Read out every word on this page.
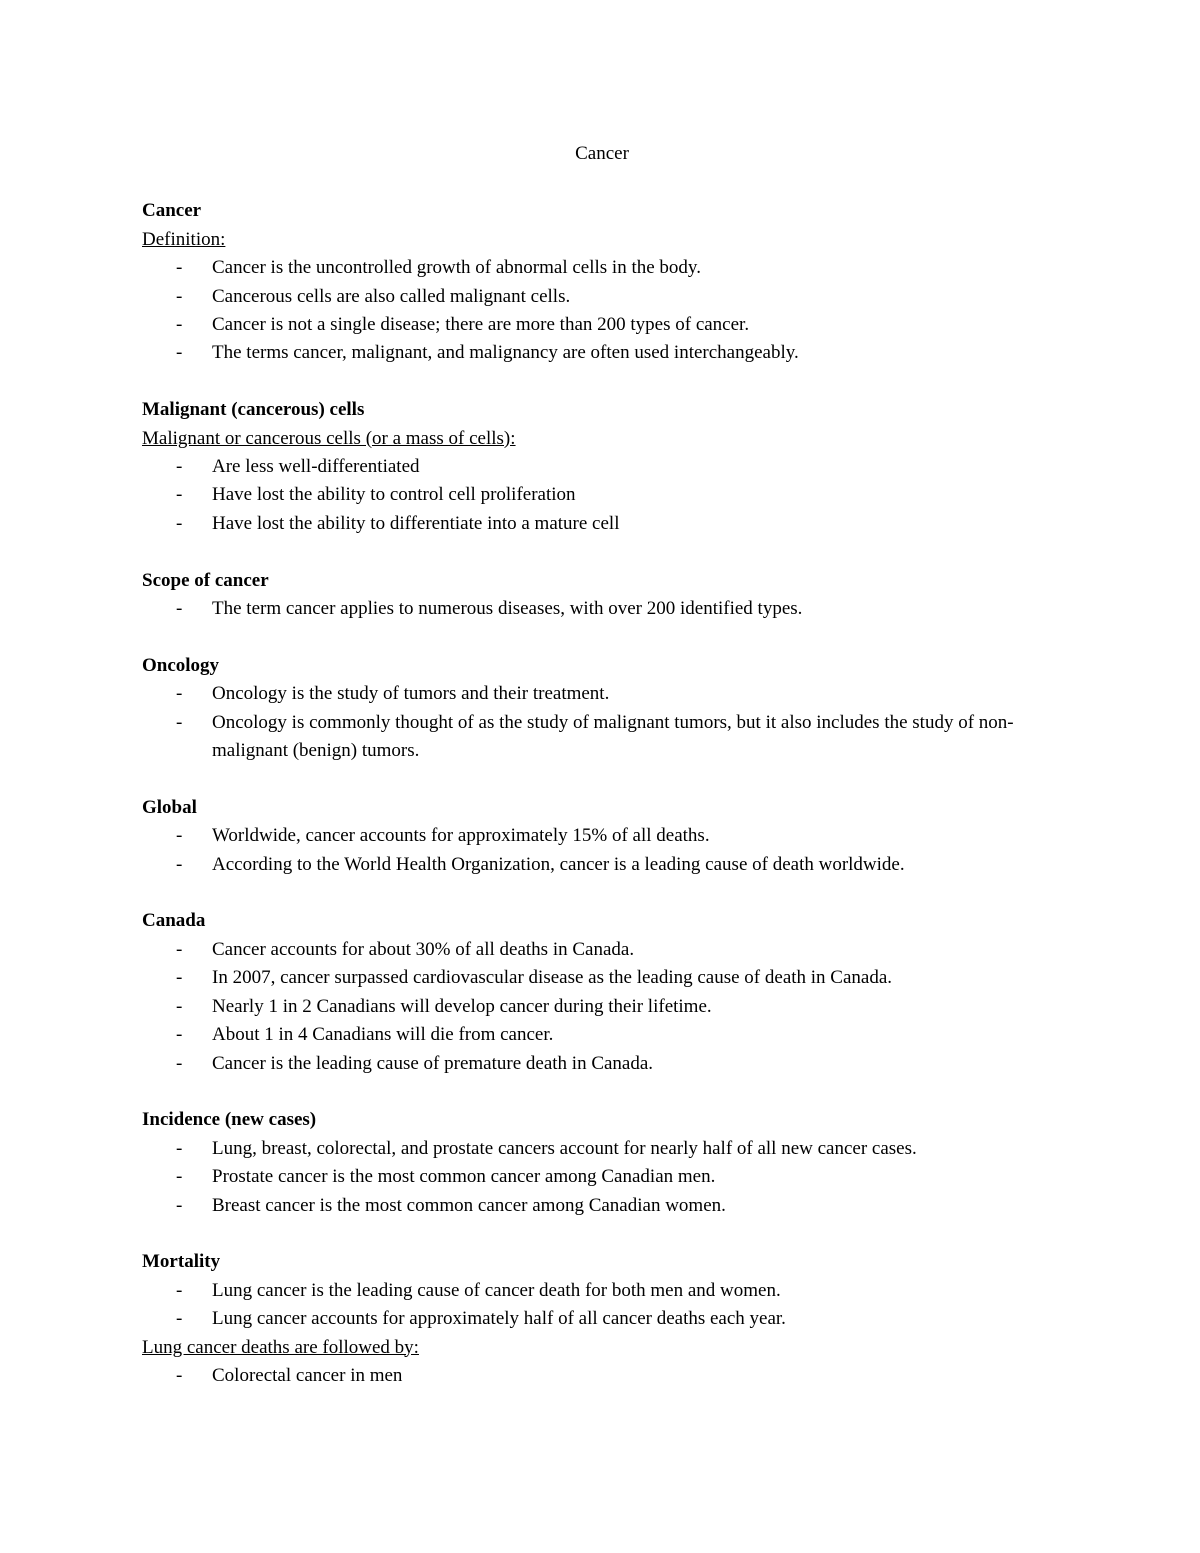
Cancer
Cancer
Definition:
- Cancer is the uncontrolled growth of abnormal cells in the body.
- Cancerous cells are also called malignant cells.
- Cancer is not a single disease; there are more than 200 types of cancer.
- The terms cancer, malignant, and malignancy are often used interchangeably.
Malignant (cancerous) cells
Malignant or cancerous cells (or a mass of cells):
- Are less well-differentiated
- Have lost the ability to control cell proliferation
- Have lost the ability to differentiate into a mature cell
Scope of cancer
- The term cancer applies to numerous diseases, with over 200 identified types.
Oncology
- Oncology is the study of tumors and their treatment.
- Oncology is commonly thought of as the study of malignant tumors, but it also includes the study of non-malignant (benign) tumors.
Global
- Worldwide, cancer accounts for approximately 15% of all deaths.
- According to the World Health Organization, cancer is a leading cause of death worldwide.
Canada
- Cancer accounts for about 30% of all deaths in Canada.
- In 2007, cancer surpassed cardiovascular disease as the leading cause of death in Canada.
- Nearly 1 in 2 Canadians will develop cancer during their lifetime.
- About 1 in 4 Canadians will die from cancer.
- Cancer is the leading cause of premature death in Canada.
Incidence (new cases)
- Lung, breast, colorectal, and prostate cancers account for nearly half of all new cancer cases.
- Prostate cancer is the most common cancer among Canadian men.
- Breast cancer is the most common cancer among Canadian women.
Mortality
- Lung cancer is the leading cause of cancer death for both men and women.
- Lung cancer accounts for approximately half of all cancer deaths each year.
Lung cancer deaths are followed by:
- Colorectal cancer in men
